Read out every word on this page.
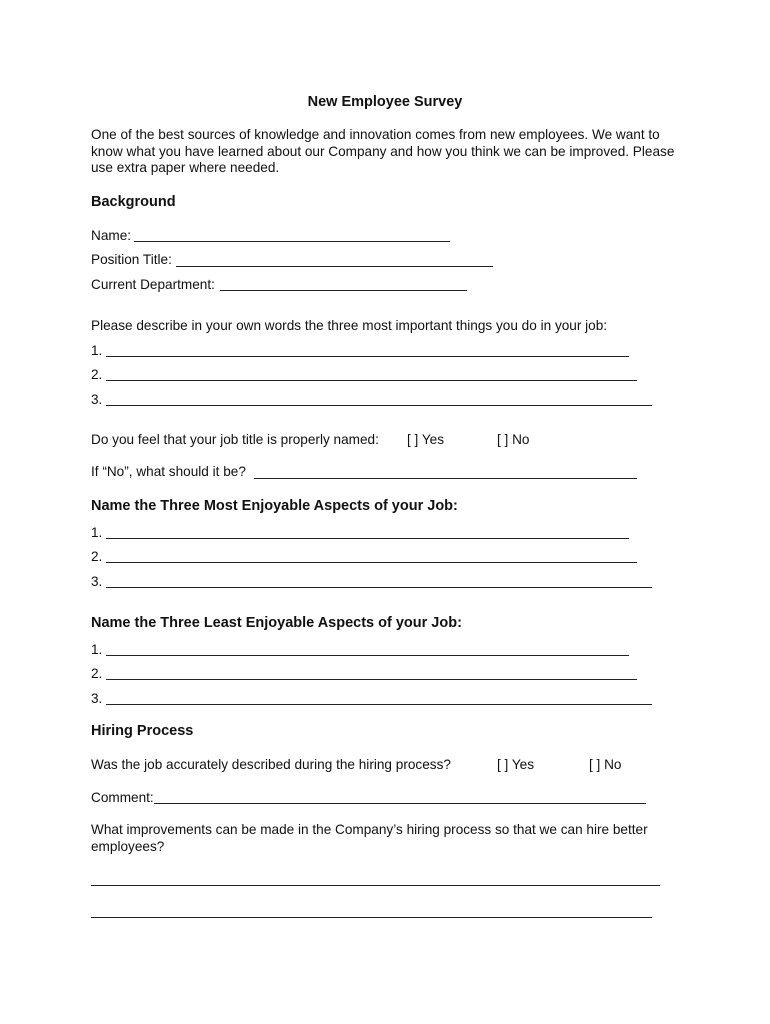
New Employee Survey
One of the best sources of knowledge and innovation comes from new employees. We want to know what you have learned about our Company and how you think we can be improved. Please use extra paper where needed.
Background
Name:
Position Title:
Current Department:
Please describe in your own words the three most important things you do in your job:
1.
2.
3.
Do you feel that your job title is properly named: [ ] Yes	[ ] No
If “No”, what should it be?
Name the Three Most Enjoyable Aspects of your Job:
1.
2.
3.
Name the Three Least Enjoyable Aspects of your Job:
1.
2.
3.
Hiring Process
Was the job accurately described during the hiring process?	[ ] Yes	[ ] No
Comment:
What improvements can be made in the Company’s hiring process so that we can hire better employees?
